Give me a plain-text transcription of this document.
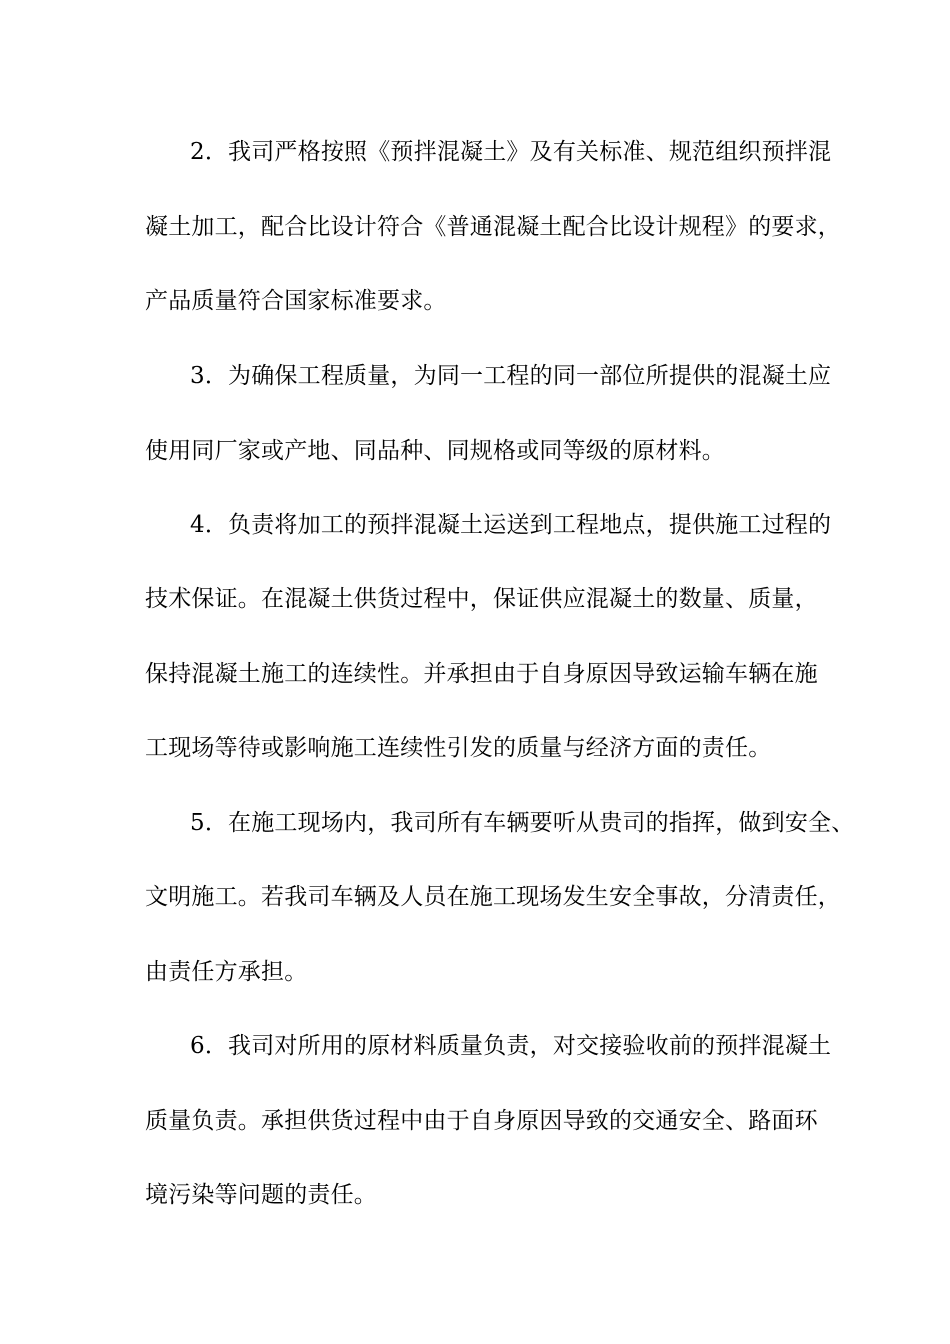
2．我司严格按照《预拌混凝土》及有关标准、规范组织预拌混
凝土加工，配合比设计符合《普通混凝土配合比设计规程》的要求，
产品质量符合国家标准要求。
3．为确保工程质量，为同一工程的同一部位所提供的混凝土应
使用同厂家或产地、同品种、同规格或同等级的原材料。
4．负责将加工的预拌混凝土运送到工程地点，提供施工过程的
技术保证。在混凝土供货过程中，保证供应混凝土的数量、质量，
保持混凝土施工的连续性。并承担由于自身原因导致运输车辆在施
工现场等待或影响施工连续性引发的质量与经济方面的责任。
5．在施工现场内，我司所有车辆要听从贵司的指挥，做到安全、
文明施工。若我司车辆及人员在施工现场发生安全事故，分清责任，
由责任方承担。
6．我司对所用的原材料质量负责，对交接验收前的预拌混凝土
质量负责。承担供货过程中由于自身原因导致的交通安全、路面环
境污染等问题的责任。
